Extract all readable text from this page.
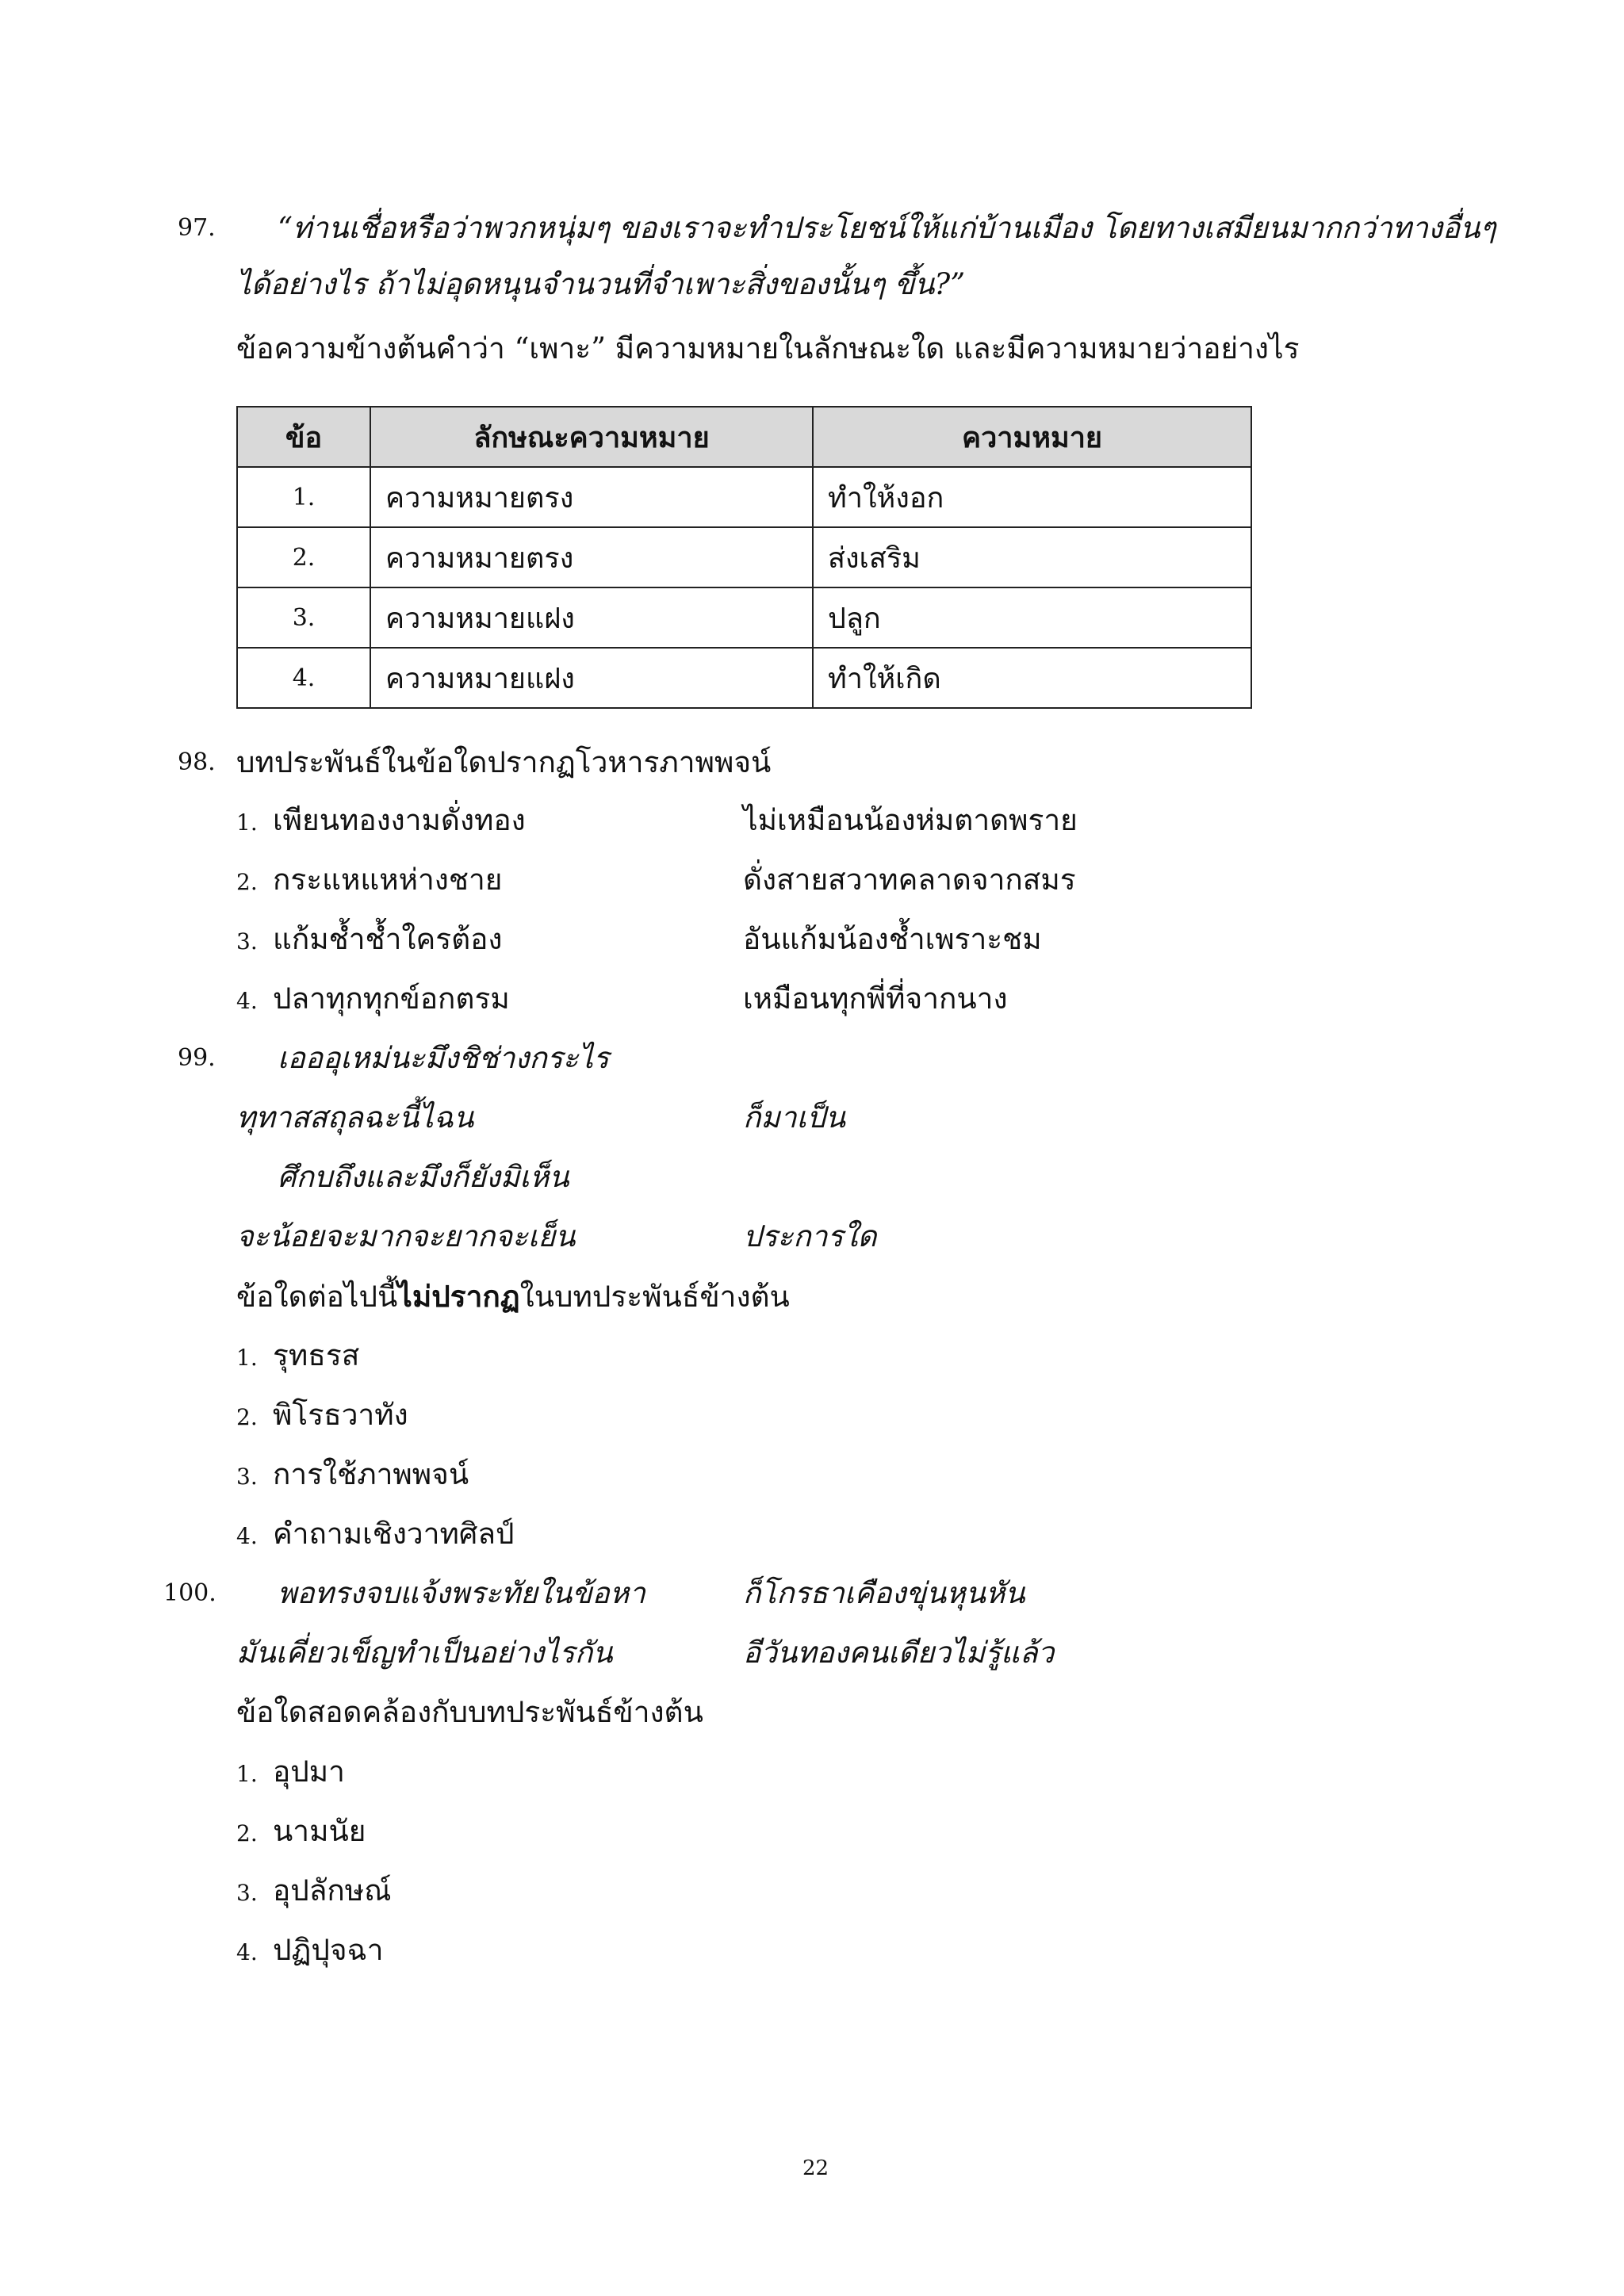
97. “ท่านเชื่อหรือว่าพวกหนุ่มๆ ของเราจะทำประโยชน์ให้แก่บ้านเมือง โดยทางเสมียนมากกว่าทางอื่นๆ
ได้อย่างไร ถ้าไม่อุดหนุนจำนวนที่จำเพาะสิ่งของนั้นๆ ขึ้น?”
ข้อความข้างต้นคำว่า “เพาะ” มีความหมายในลักษณะใด และมีความหมายว่าอย่างไร
ข้อ	ลักษณะความหมาย	ความหมาย
1.	ความหมายตรง	ทำให้งอก
2.	ความหมายตรง	ส่งเสริม
3.	ความหมายแฝง	ปลูก
4.	ความหมายแฝง	ทำให้เกิด
98. บทประพันธ์ในข้อใดปรากฏโวหารภาพพจน์
1. เพียนทองงามดั่งทอง	ไม่เหมือนน้องห่มตาดพราย
2. กระแหแหห่างชาย	ดั่งสายสวาทคลาดจากสมร
3. แก้มช้ำช้ำใครต้อง	อันแก้มน้องช้ำเพราะชม
4. ปลาทุกทุกข์อกตรม	เหมือนทุกพี่ที่จากนาง
99. เอออุเหม่นะมึงชิช่างกระไร
ทุทาสสถุลฉะนี้ไฉน	ก็มาเป็น
ศึกบถึงและมึงก็ยังมิเห็น
จะน้อยจะมากจะยากจะเย็น	ประการใด
ข้อใดต่อไปนี้ไม่ปรากฏในบทประพันธ์ข้างต้น
1. รุทธรส
2. พิโรธวาทัง
3. การใช้ภาพพจน์
4. คำถามเชิงวาทศิลป์
100. พอทรงจบแจ้งพระทัยในข้อหา	ก็โกรธาเคืองขุ่นหุนหัน
มันเคี่ยวเข็ญทำเป็นอย่างไรกัน	อีวันทองคนเดียวไม่รู้แล้ว
ข้อใดสอดคล้องกับบทประพันธ์ข้างต้น
1. อุปมา
2. นามนัย
3. อุปลักษณ์
4. ปฏิปุจฉา
22
